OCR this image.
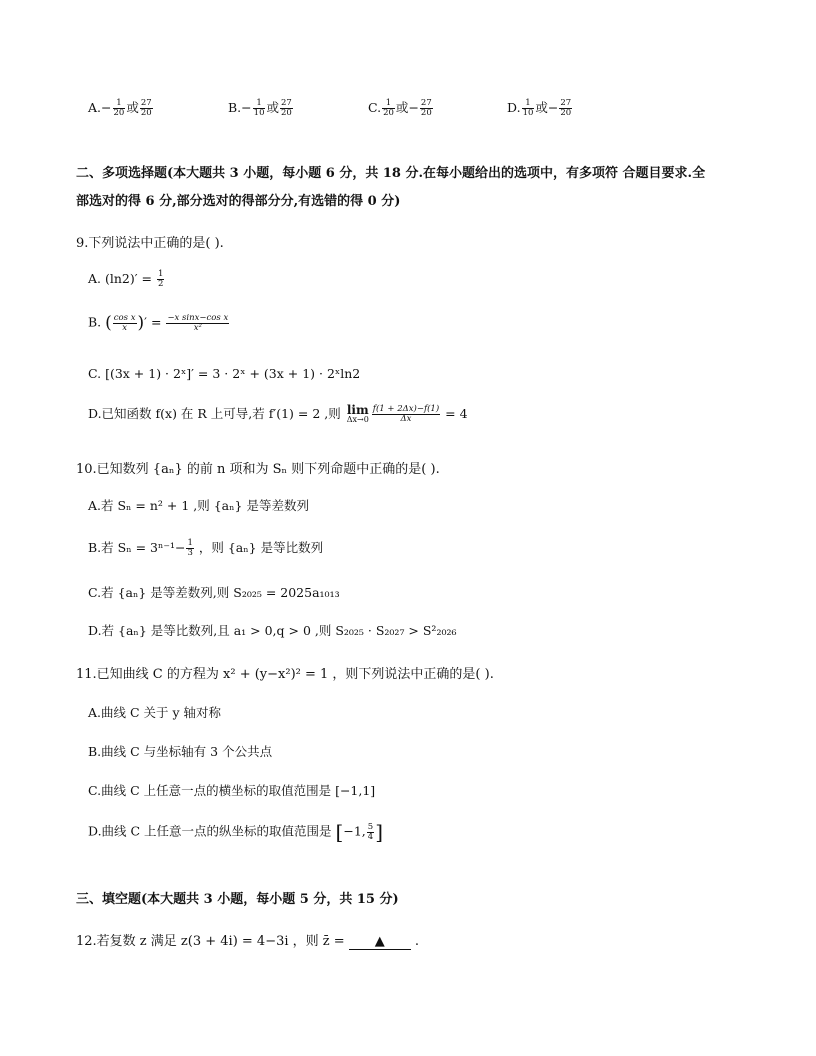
$A.- \frac{1}{20}$ 或 $\frac{27}{20}$	$B.- \frac{1}{10}$ 或 $\frac{27}{20}$	C. $\frac{1}{20}$ 或− $\frac{27}{20}$	D. $\frac{1}{10}$ 或− $\frac{27}{20}$
二、多项选择题(本大题共 3 小题，每小题 6 分，共 18 分.在每小题给出的选项中，有多项符 合题目要求.全
部选对的得 6 分,部分选对的得部分分,有选错的得 0 分)
9.下列说法中正确的是( ).
A. $(\ln 2)' = \frac{1}{2}$
B. ( $\frac{\text{cos x}}{x}$ )′ = $\frac{\text{−x sinx−cos x}}{\text{x²}}$
C. [(3x + 1) · 2ˣ]′ = 3 · 2ˣ + (3x + 1) · 2ˣln2
D.已知函数 f(x) 在 R 上可导,若 f′(1) = 2 ,则 lim
$\Delta x\to 0 \frac{f(1 + 2\Delta x)-f(1)}{\Delta x} = 4$
10.已知数列 {aₙ} 的前 n 项和为 Sₙ 则下列命题中正确的是( ).
A.若 Sₙ = n² + 1 ,则 {aₙ} 是等差数列
B.若 $S_n = 3^{n-1}- \frac{1}{3}$ ，则 {aₙ} 是等比数列
C.若 {aₙ} 是等差数列,则 S₂₀₂₅ = 2025a₁₀₁₃
D.若 {aₙ} 是等比数列,且 a₁ > 0,q > 0 ,则 S₂₀₂₅ · S₂₀₂₇ > S²₂₀₂₆
11.已知曲线 C 的方程为 x² + (y−x²)² = 1 ，则下列说法中正确的是( ).
A.曲线 C 关于 y 轴对称
B.曲线 C 与坐标轴有 3 个公共点
C.曲线 C 上任意一点的横坐标的取值范围是 [−1,1]
D.曲线 C 上任意一点的纵坐标的取值范围是 [−1, $\frac{5}{4}$ ]
三、填空题(本大题共 3 小题，每小题 5 分，共 15 分)
12.若复数 z 满足 z(3 + 4i) = 4−3i ，则 z̄ = ▲ .
